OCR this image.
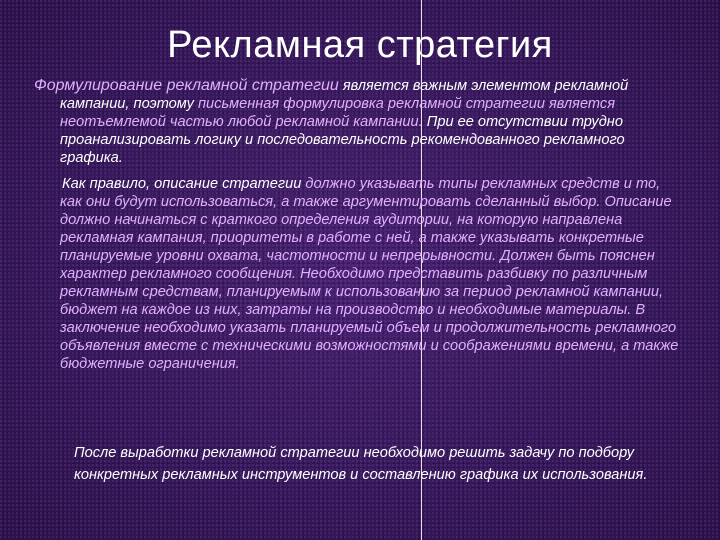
Рекламная стратегия

Формулирование рекламной стратегии является важным элементом рекламной кампании, поэтому письменная формулировка рекламной стратегии является неотъемлемой частью любой рекламной кампании. При ее отсутствии трудно проанализировать логику и последовательность рекомендованного рекламного графика.

Как правило, описание стратегии должно указывать типы рекламных средств и то, как они будут использоваться, а также аргументировать сделанный выбор. Описание должно начинаться с краткого определения аудитории, на которую направлена рекламная кампания, приоритеты в работе с ней, а также указывать конкретные планируемые уровни охвата, частотности и непрерывности. Должен быть пояснен характер рекламного сообщения. Необходимо представить разбивку по различным рекламным средствам, планируемым к использованию за период рекламной кампании, бюджет на каждое из них, затраты на производство и необходимые материалы. В заключение необходимо указать планируемый объем и продолжительность рекламного объявления вместе с техническими возможностями и соображениями времени, а также бюджетные ограничения.

После выработки рекламной стратегии необходимо решить задачу по подбору конкретных рекламных инструментов и составлению графика их использования.
